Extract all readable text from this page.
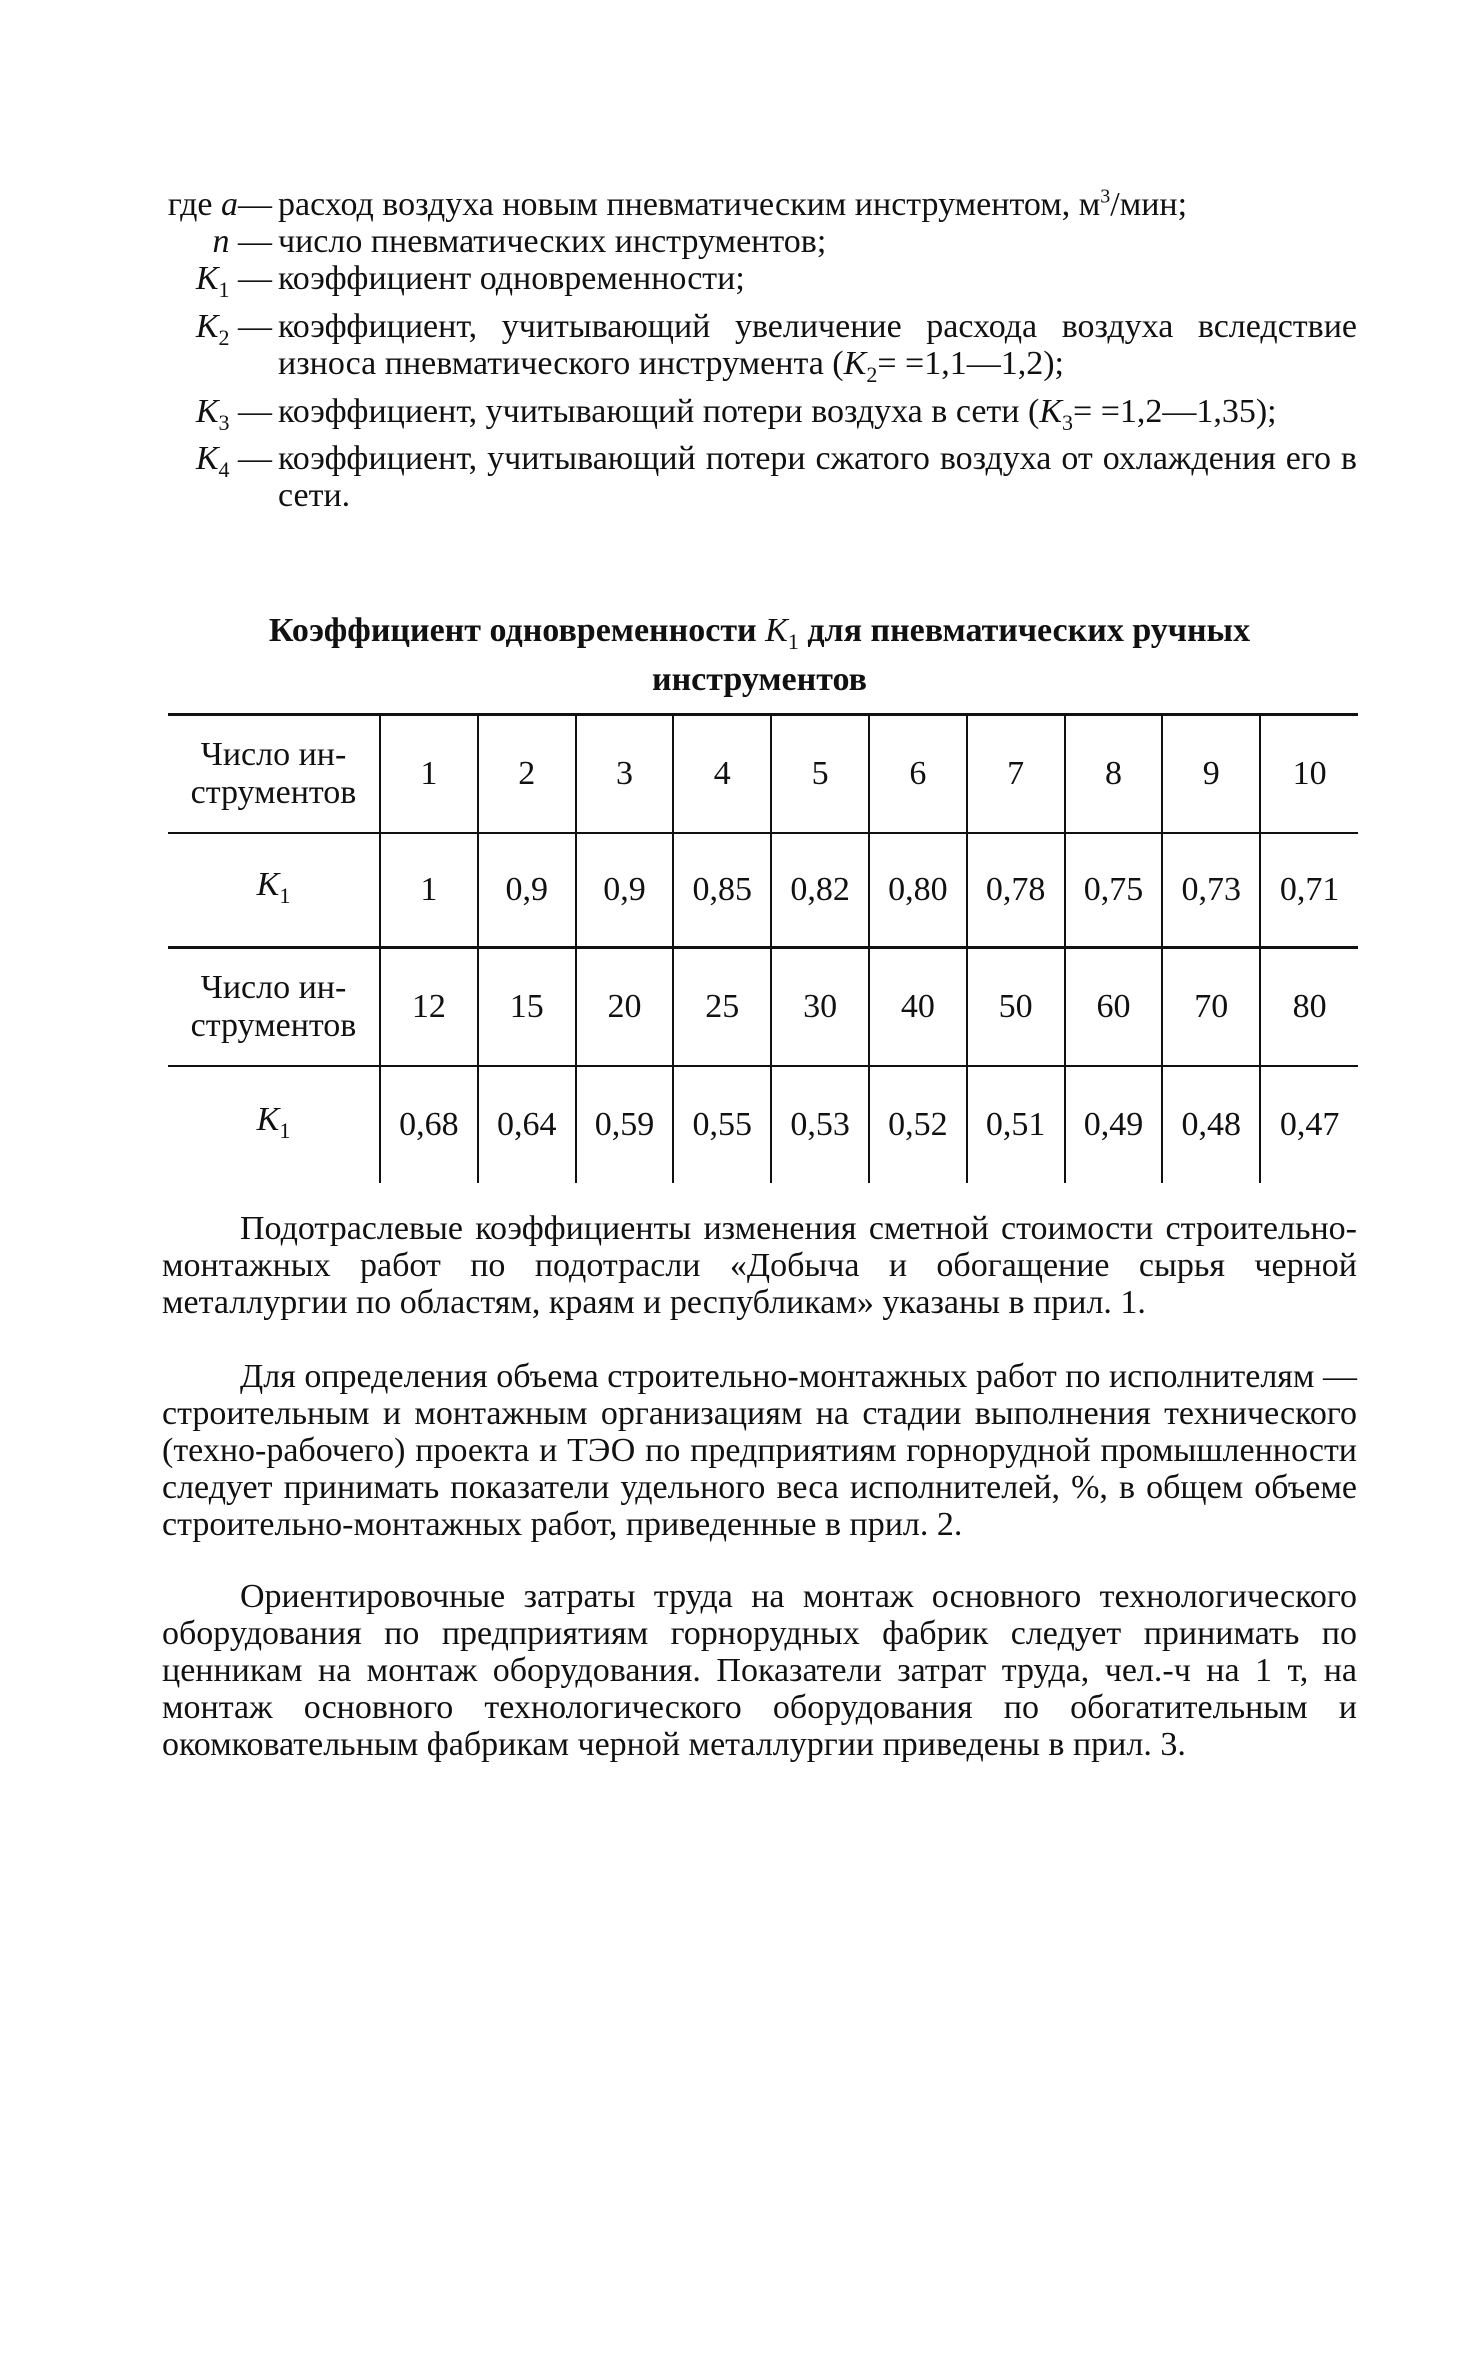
где a— расход воздуха новым пневматическим инструментом, $м^3$/мин;
n — число пневматических инструментов;
$K_1$ — коэффициент одновременности;
$K_2$ — коэффициент, учитывающий увеличение расхода воздуха вследствие износа пневматического инструмента ($K_2=$ =1,1—1,2);
$K_3$ — коэффициент, учитывающий потери воздуха в сети ($K_3=$ =1,2—1,35);
$K_4$ — коэффициент, учитывающий потери сжатого воздуха от охлаждения его в сети.
Коэффициент одновременности $K_1$ для пневматических ручных инструментов
Число ин-
струментов	1	2	3	4	5	6	7	8	9	10
$K_1$	1	0,9	0,9	0,85	0,82	0,80	0,78	0,75	0,73	0,71
Число ин-
струментов	12	15	20	25	30	40	50	60	70	80
$K_1$	0,68	0,64	0,59	0,55	0,53	0,52	0,51	0,49	0,48	0,47

Подотраслевые коэффициенты изменения сметной стоимости строительно-монтажных работ по подотрасли «Добыча и обогащение сырья черной металлургии по областям, краям и республикам» указаны в прил. 1.

Для определения объема строительно-монтажных работ по исполнителям — строительным и монтажным организациям на стадии выполнения технического (техно-рабочего) проекта и ТЭО по предприятиям горнорудной промышленности следует принимать показатели удельного веса исполнителей, %, в общем объеме строительно-монтажных работ, приведенные в прил. 2.

Ориентировочные затраты труда на монтаж основного технологического оборудования по предприятиям горнорудных фабрик следует принимать по ценникам на монтаж оборудования. Показатели затрат труда, чел.-ч на 1 т, на монтаж основного технологического оборудования по обогатительным и окомковательным фабрикам черной металлургии приведены в прил. 3.
